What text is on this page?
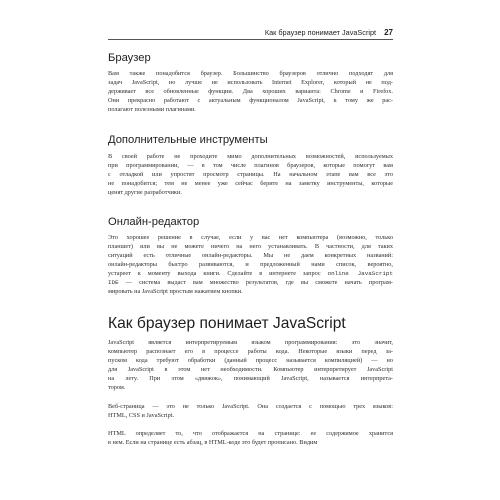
Как браузер понимает JavaScript 27
Браузер
Вам также понадобится браузер. Большинство браузеров отлично подходят для
задач JavaScript, но лучше не использовать Internet Explorer, который не под-
держивает все обновленные функции. Два хороших варианта: Chrome и Firefox.
Они прекрасно работают с актуальным функционалом JavaScript, к тому же рас-
полагают полезными плагинами.
Дополнительные инструменты
В своей работе не проходите мимо дополнительных возможностей, используемых
при программировании, — в том числе плагинов браузеров, которые помогут вам
с отладкой или упростят просмотр страницы. На начальном этапе вам все это
не понадобится; тем не менее уже сейчас берите на заметку инструменты, которые
ценят другие разработчики.
Онлайн-редактор
Это хорошее решение в случае, если у вас нет компьютера (возможно, только
планшет) или вы не можете ничего на него устанавливать. В частности, для таких
ситуаций есть отличные онлайн-редакторы. Мы не даем конкретных названий:
онлайн-редакторы быстро развиваются, и предложенный нами список, вероятно,
устареет к моменту выхода книги. Сделайте в интернете запрос online JavaScript
IDE — система выдаст вам множество результатов, где вы сможете начать програм-
мировать на JavaScript простым нажатием кнопки.
Как браузер понимает JavaScript
JavaScript является интерпретируемым языком программирования: это значит,
компьютер распознает его в процессе работы кода. Некоторые языки перед за-
пуском кода требуют обработки (данный процесс называется компиляцией) — но
для JavaScript в этом нет необходимости. Компьютер интерпретирует JavaScript
на лету. При этом «движок», понимающий JavaScript, называется интерпрета-
тором.
Веб-страница — это не только JavaScript. Она создается с помощью трех языков:
HTML, CSS и JavaScript.
HTML определяет то, что отображается на странице: ее содержимое хранится
в нем. Если на странице есть абзац, в HTML-коде это будет прописано. Видим
